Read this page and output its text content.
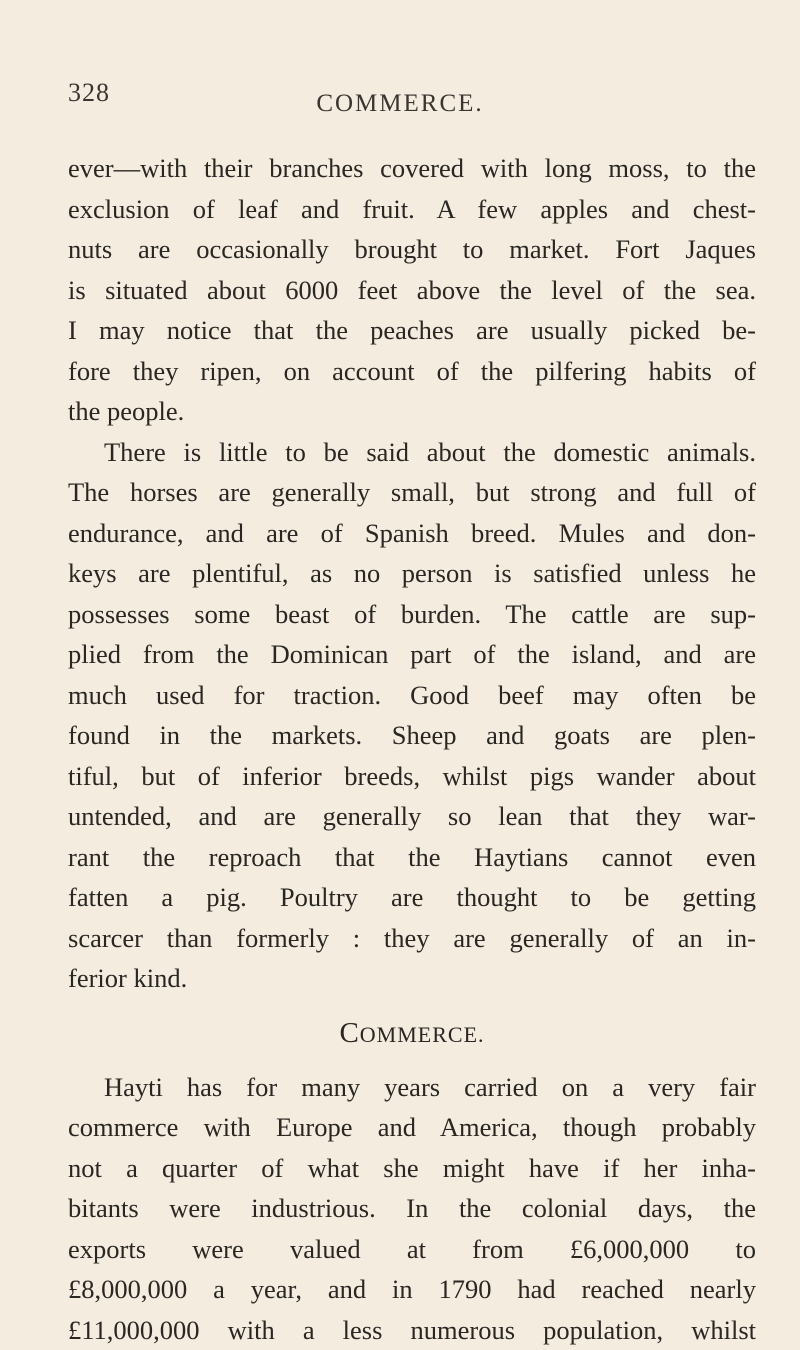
328	COMMERCE.
ever—with their branches covered with long moss, to the
exclusion of leaf and fruit. A few apples and chest-
nuts are occasionally brought to market. Fort Jaques
is situated about 6000 feet above the level of the sea.
I may notice that the peaches are usually picked be-
fore they ripen, on account of the pilfering habits of
the people.
There is little to be said about the domestic animals.
The horses are generally small, but strong and full of
endurance, and are of Spanish breed. Mules and don-
keys are plentiful, as no person is satisfied unless he
possesses some beast of burden. The cattle are sup-
plied from the Dominican part of the island, and are
much used for traction. Good beef may often be
found in the markets. Sheep and goats are plen-
tiful, but of inferior breeds, whilst pigs wander about
untended, and are generally so lean that they war-
rant the reproach that the Haytians cannot even
fatten a pig. Poultry are thought to be getting
scarcer than formerly : they are generally of an in-
ferior kind.
COMMERCE.
Hayti has for many years carried on a very fair
commerce with Europe and America, though probably
not a quarter of what she might have if her inha-
bitants were industrious. In the colonial days, the
exports were valued at from £6,000,000 to
£8,000,000 a year, and in 1790 had reached nearly
£11,000,000 with a less numerous population, whilst
